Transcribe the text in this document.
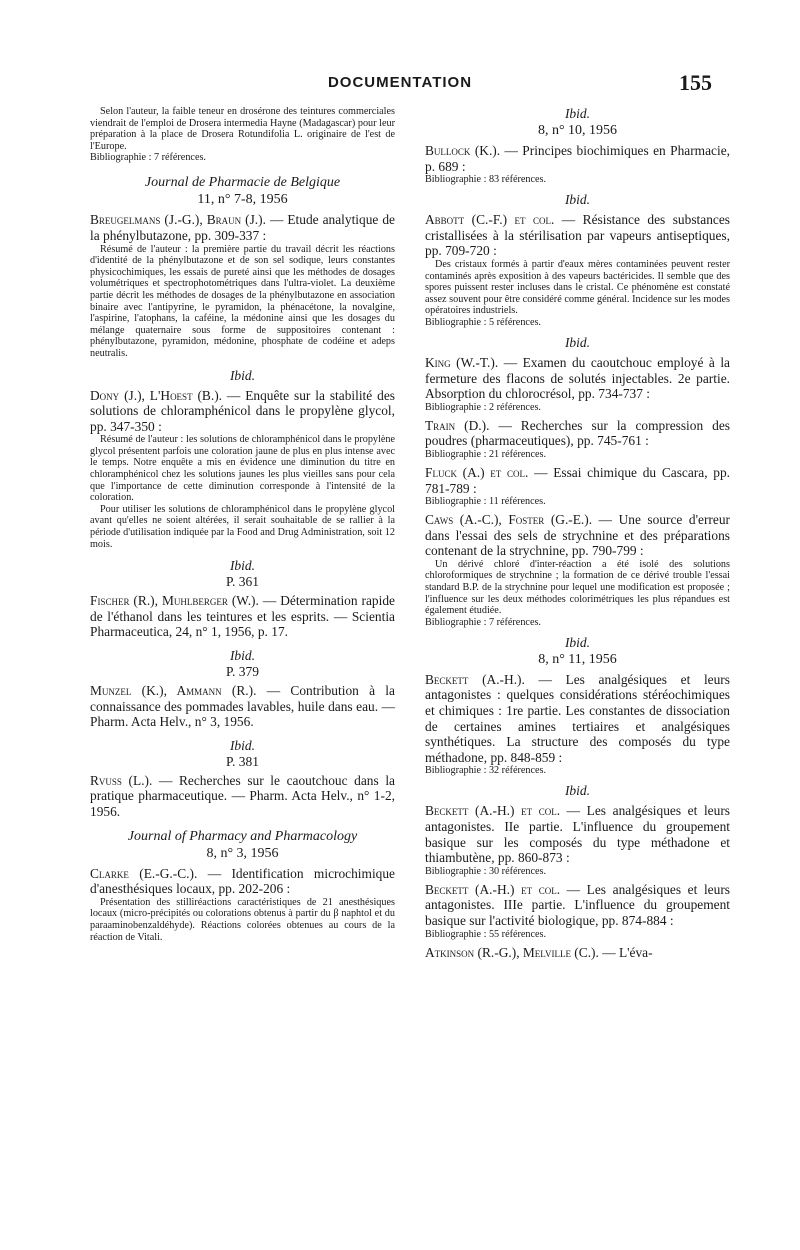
DOCUMENTATION	155

Selon l'auteur, la faible teneur en drosérone des teintures commerciales viendrait de l'emploi de Drosera intermedia Hayne (Madagascar) pour leur préparation à la place de Drosera Rotundifolia L. originaire de l'est de l'Europe.

Bibliographie : 7 références.

Journal de Pharmacie de Belgique

11, n° 7-8, 1956

Breugelmans (J.-G.), Braun (J.). — Etude analytique de la phénylbutazone, pp. 309-337 :

Résumé de l'auteur : la première partie du travail décrit les réactions d'identité de la phénylbutazone et de son sel sodique, leurs constantes physicochimiques, les essais de pureté ainsi que les méthodes de dosages volumétriques et spectrophotométriques dans l'ultra-violet. La deuxième partie décrit les méthodes de dosages de la phénylbutazone en association binaire avec l'antipyrine, le pyramidon, la phénacétone, la novalgine, l'aspirine, l'atophans, la caféine, la médonine ainsi que les dosages du mélange quaternaire sous forme de suppositoires contenant : phénylbutazone, pyramidon, médonine, phosphate de codéine et adeps neutralis.

Ibid.

Dony (J.), L'Hoest (B.). — Enquête sur la stabilité des solutions de chloramphénicol dans le propylène glycol, pp. 347-350 :

Résumé de l'auteur : les solutions de chloramphénicol dans le propylène glycol présentent parfois une coloration jaune de plus en plus intense avec le temps. Notre enquête a mis en évidence une diminution du titre en chloramphénicol chez les solutions jaunes les plus vieilles sans pour cela que l'importance de cette diminution corresponde à l'intensité de la coloration.

Pour utiliser les solutions de chloramphénicol dans le propylène glycol avant qu'elles ne soient altérées, il serait souhaitable de se rallier à la période d'utilisation indiquée par la Food and Drug Administration, soit 12 mois.

Ibid.

P. 361

Fischer (R.), Muhlberger (W.). — Détermination rapide de l'éthanol dans les teintures et les esprits. — Scientia Pharmaceutica, 24, n° 1, 1956, p. 17.

Ibid.

P. 379

Munzel (K.), Ammann (R.). — Contribution à la connaissance des pommades lavables, huile dans eau. — Pharm. Acta Helv., n° 3, 1956.

Ibid.

P. 381

Rvuss (L.). — Recherches sur le caoutchouc dans la pratique pharmaceutique. — Pharm. Acta Helv., n° 1-2, 1956.

Journal of Pharmacy and Pharmacology

8, n° 3, 1956

Clarke (E.-G.-C.). — Identification microchimique d'anesthésiques locaux, pp. 202-206 :

Présentation des stilliréactions caractéristiques de 21 anesthésiques locaux (micro-précipités ou colorations obtenus à partir du β naphtol et du paraaminobenzaldéhyde). Réactions colorées obtenues au cours de la réaction de Vitali.

Ibid.

8, n° 10, 1956

Bullock (K.). — Principes biochimiques en Pharmacie, p. 689 :

Bibliographie : 83 références.

Ibid.

Abbott (C.-F.) et col. — Résistance des substances cristallisées à la stérilisation par vapeurs antiseptiques, pp. 709-720 :

Des cristaux formés à partir d'eaux mères contaminées peuvent rester contaminés après exposition à des vapeurs bactéricides. Il semble que des spores puissent rester incluses dans le cristal. Ce phénomène est constaté assez souvent pour être considéré comme général. Incidence sur les modes opératoires industriels.

Bibliographie : 5 références.

Ibid.

King (W.-T.). — Examen du caoutchouc employé à la fermeture des flacons de solutés injectables. 2e partie. Absorption du chlorocrésol, pp. 734-737 :

Bibliographie : 2 références.

Train (D.). — Recherches sur la compression des poudres (pharmaceutiques), pp. 745-761 :

Bibliographie : 21 références.

Fluck (A.) et col. — Essai chimique du Cascara, pp. 781-789 :

Bibliographie : 11 références.

Caws (A.-C.), Foster (G.-E.). — Une source d'erreur dans l'essai des sels de strychnine et des préparations contenant de la strychnine, pp. 790-799 :

Un dérivé chloré d'inter-réaction a été isolé des solutions chloroformiques de strychnine ; la formation de ce dérivé trouble l'essai standard B.P. de la strychnine pour lequel une modification est proposée ; l'influence sur les deux méthodes colorimétriques les plus répandues est également étudiée.

Bibliographie : 7 références.

Ibid.

8, n° 11, 1956

Beckett (A.-H.). — Les analgésiques et leurs antagonistes : quelques considérations stéréochimiques et chimiques : 1re partie. Les constantes de dissociation de certaines amines tertiaires et analgésiques synthétiques. La structure des composés du type méthadone, pp. 848-859 :

Bibliographie : 32 références.

Ibid.

Beckett (A.-H.) et col. — Les analgésiques et leurs antagonistes. IIe partie. L'influence du groupement basique sur les composés du type méthadone et thiambutène, pp. 860-873 :

Bibliographie : 30 références.

Beckett (A.-H.) et col. — Les analgésiques et leurs antagonistes. IIIe partie. L'influence du groupement basique sur l'activité biologique, pp. 874-884 :

Bibliographie : 55 références.

Atkinson (R.-G.), Melville (C.). — L'éva-
